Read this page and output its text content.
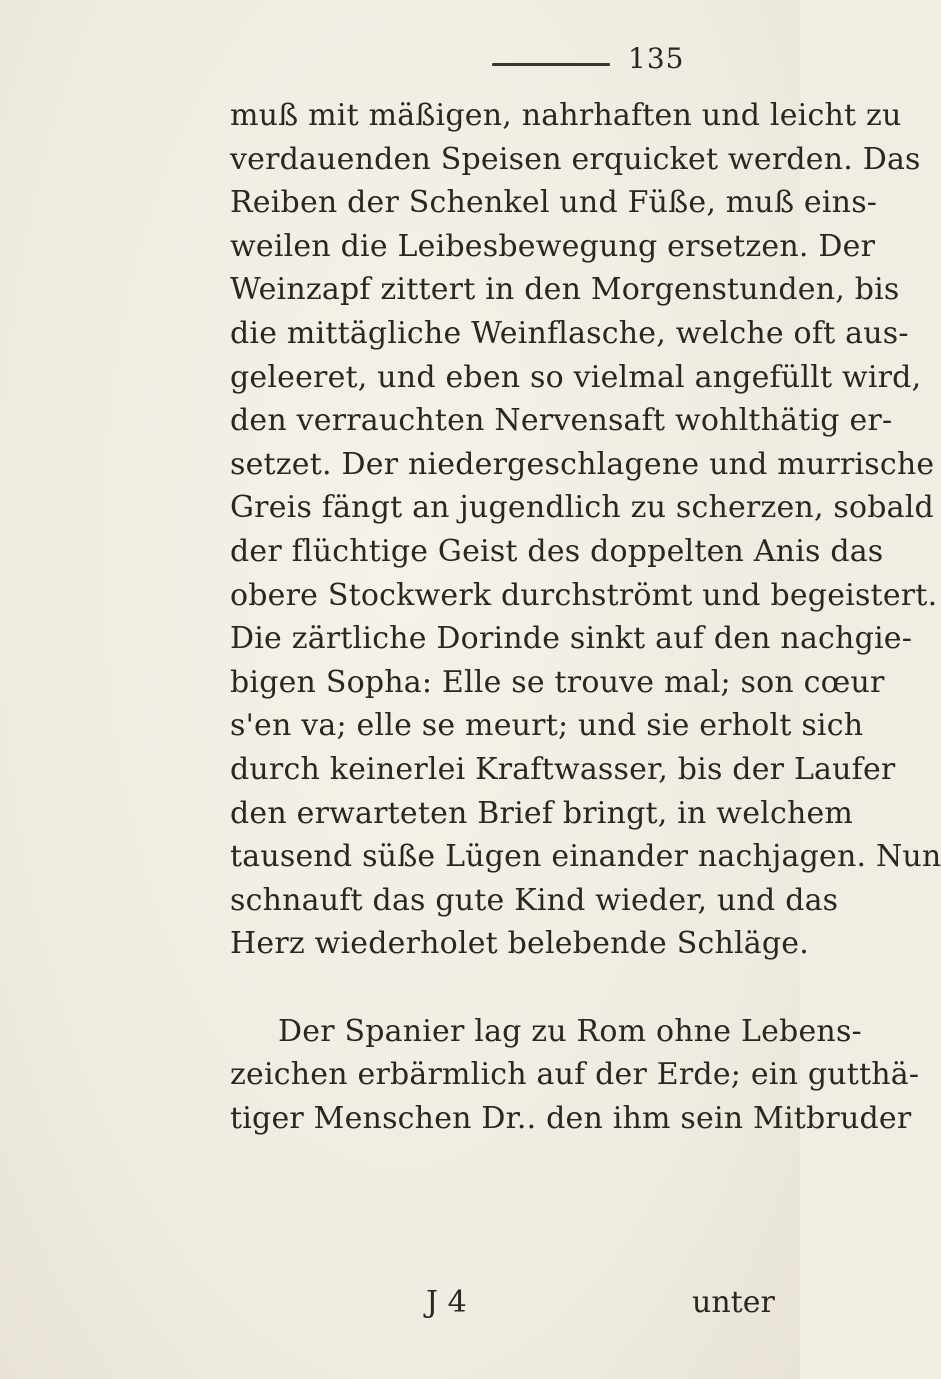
135
muß mit mäßigen, nahrhaften und leicht zu
verdauenden Speisen erquicket werden. Das
Reiben der Schenkel und Füße, muß eins-
weilen die Leibesbewegung ersetzen. Der
Weinzapf zittert in den Morgenstunden, bis
die mittägliche Weinflasche, welche oft aus-
geleeret, und eben so vielmal angefüllt wird,
den verrauchten Nervensaft wohlthätig er-
setzet. Der niedergeschlagene und murrische
Greis fängt an jugendlich zu scherzen, sobald
der flüchtige Geist des doppelten Anis das
obere Stockwerk durchströmt und begeistert.
Die zärtliche Dorinde sinkt auf den nachgie-
bigen Sopha: Elle se trouve mal; son cœur
s'en va; elle se meurt; und sie erholt sich
durch keinerlei Kraftwasser, bis der Laufer
den erwarteten Brief bringt, in welchem
tausend süße Lügen einander nachjagen. Nun
schnauft das gute Kind wieder, und das
Herz wiederholet belebende Schläge.
Der Spanier lag zu Rom ohne Lebens-
zeichen erbärmlich auf der Erde; ein gutthä-
tiger Menschen Dr.. den ihm sein Mitbruder
J 4	unter
